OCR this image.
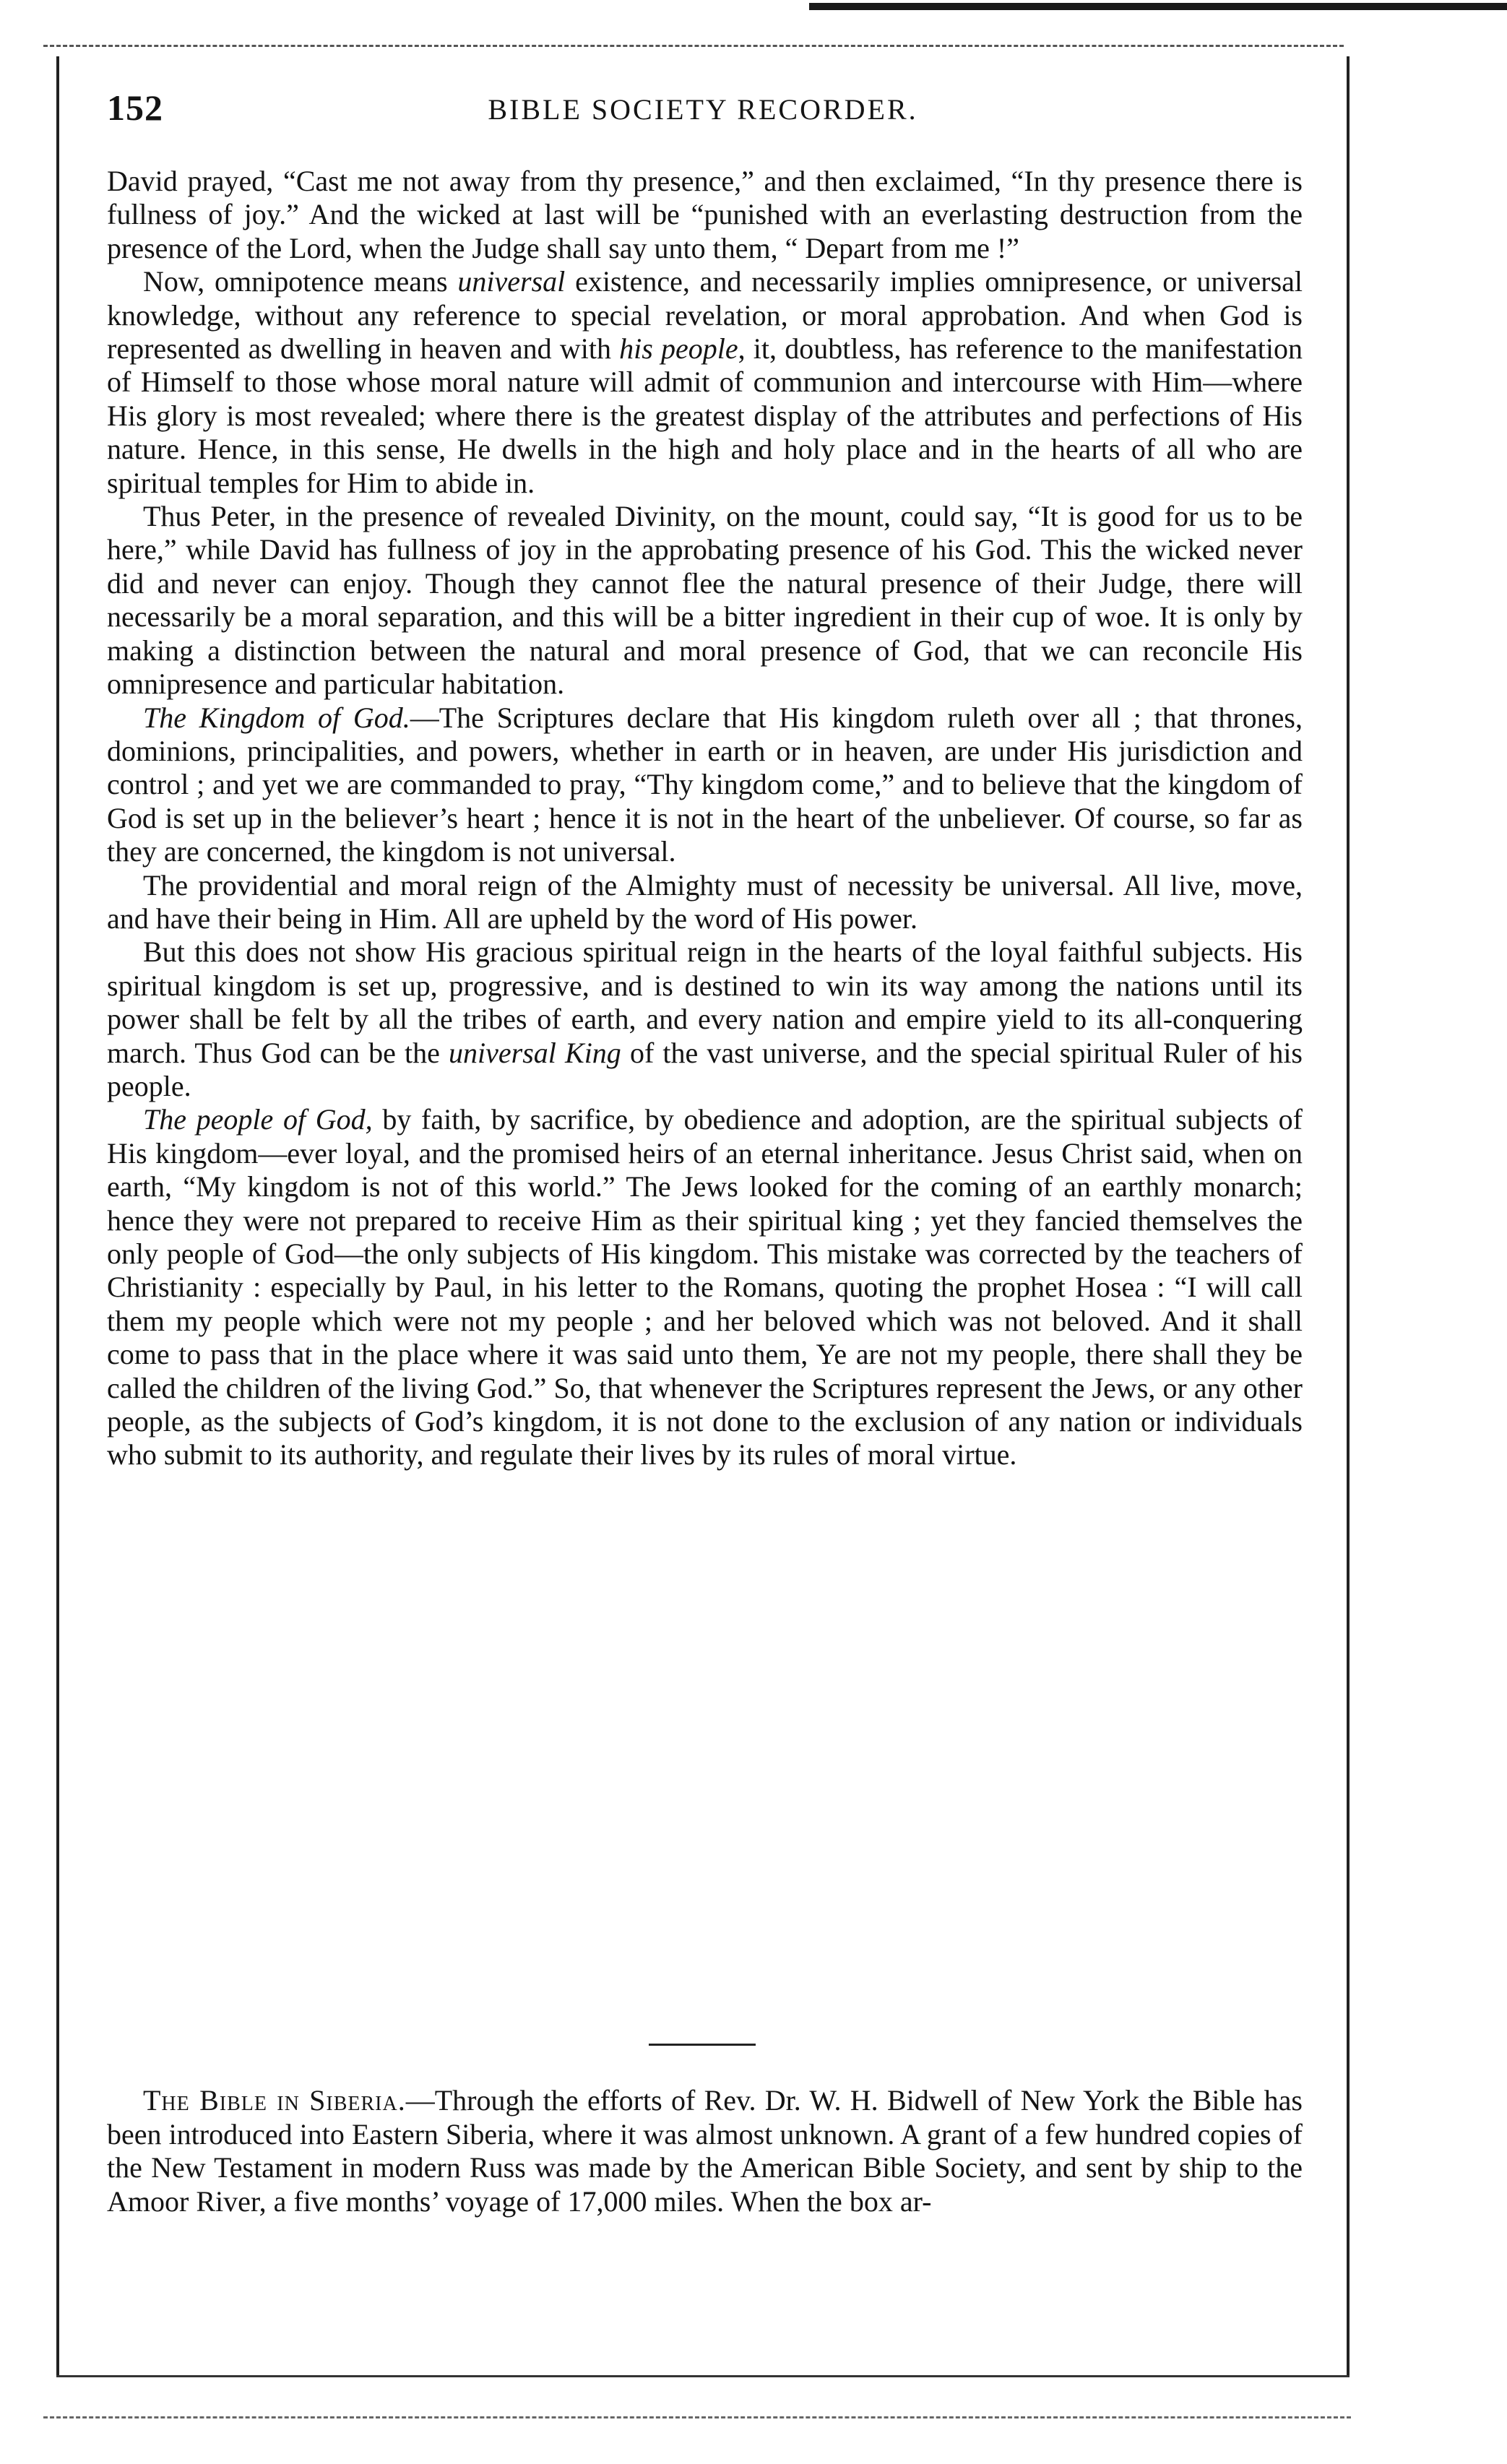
152	BIBLE SOCIETY RECORDER.

David prayed, “Cast me not away from thy presence,” and then exclaimed, “In thy presence there is fullness of joy.” And the wicked at last will be “punished with an everlasting destruction from the presence of the Lord, when the Judge shall say unto them, “ Depart from me !”

Now, omnipotence means universal existence, and necessarily implies omnipresence, or universal knowledge, without any reference to special revelation, or moral approbation. And when God is represented as dwelling in heaven and with his people, it, doubtless, has reference to the manifestation of Himself to those whose moral nature will admit of communion and intercourse with Him—where His glory is most revealed; where there is the greatest display of the attributes and perfections of His nature. Hence, in this sense, He dwells in the high and holy place and in the hearts of all who are spiritual temples for Him to abide in.

Thus Peter, in the presence of revealed Divinity, on the mount, could say, “It is good for us to be here,” while David has fullness of joy in the approbating presence of his God. This the wicked never did and never can enjoy. Though they cannot flee the natural presence of their Judge, there will necessarily be a moral separation, and this will be a bitter ingredient in their cup of woe. It is only by making a distinction between the natural and moral presence of God, that we can reconcile His omnipresence and particular habitation.

The Kingdom of God.—The Scriptures declare that His kingdom ruleth over all ; that thrones, dominions, principalities, and powers, whether in earth or in heaven, are under His jurisdiction and control ; and yet we are commanded to pray, “Thy kingdom come,” and to believe that the kingdom of God is set up in the believer’s heart ; hence it is not in the heart of the unbeliever. Of course, so far as they are concerned, the kingdom is not universal.

The providential and moral reign of the Almighty must of necessity be universal. All live, move, and have their being in Him. All are upheld by the word of His power.

But this does not show His gracious spiritual reign in the hearts of the loyal faithful subjects. His spiritual kingdom is set up, progressive, and is destined to win its way among the nations until its power shall be felt by all the tribes of earth, and every nation and empire yield to its all-conquering march. Thus God can be the universal King of the vast universe, and the special spiritual Ruler of his people.

The people of God, by faith, by sacrifice, by obedience and adoption, are the spiritual subjects of His kingdom—ever loyal, and the promised heirs of an eternal inheritance. Jesus Christ said, when on earth, “My kingdom is not of this world.” The Jews looked for the coming of an earthly monarch; hence they were not prepared to receive Him as their spiritual king ; yet they fancied themselves the only people of God—the only subjects of His kingdom. This mistake was corrected by the teachers of Christianity : especially by Paul, in his letter to the Romans, quoting the prophet Hosea : “I will call them my people which were not my people ; and her beloved which was not beloved. And it shall come to pass that in the place where it was said unto them, Ye are not my people, there shall they be called the children of the living God.” So, that whenever the Scriptures represent the Jews, or any other people, as the subjects of God’s kingdom, it is not done to the exclusion of any nation or individuals who submit to its authority, and regulate their lives by its rules of moral virtue.

The Bible in Siberia.—Through the efforts of Rev. Dr. W. H. Bidwell of New York the Bible has been introduced into Eastern Siberia, where it was almost unknown. A grant of a few hundred copies of the New Testament in modern Russ was made by the American Bible Society, and sent by ship to the Amoor River, a five months’ voyage of 17,000 miles. When the box ar-
